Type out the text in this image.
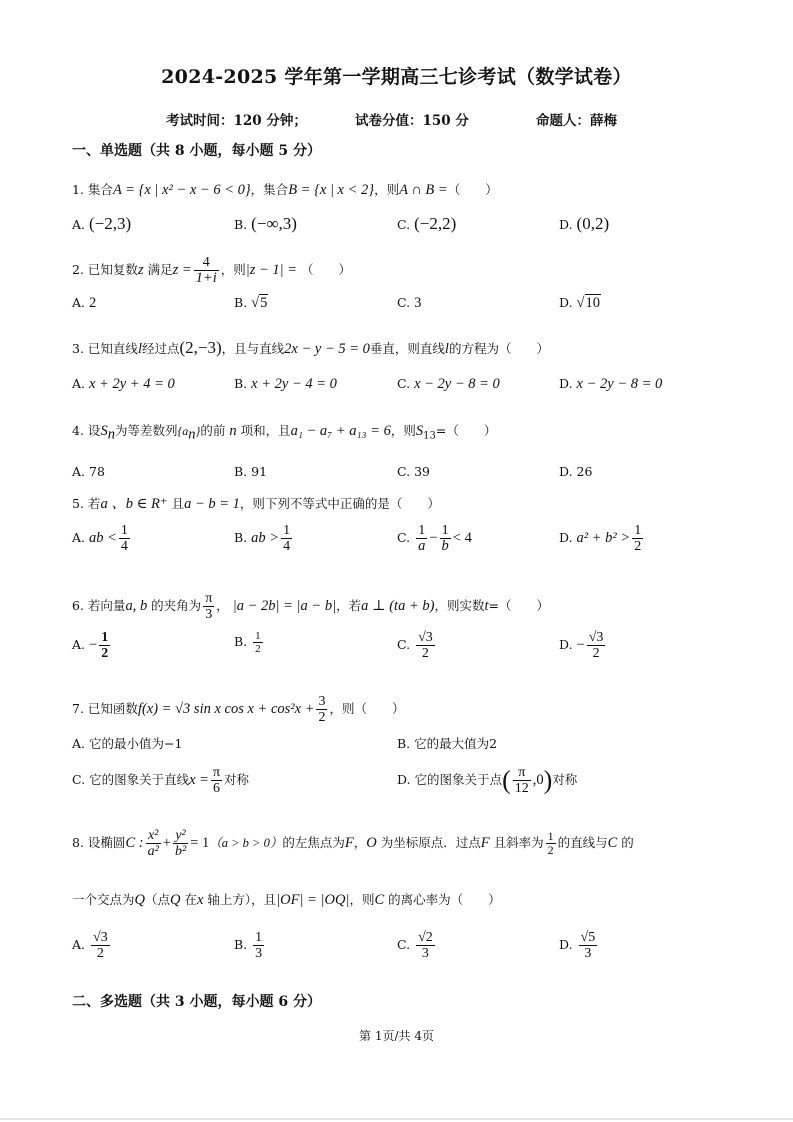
2024-2025 学年第一学期高三七诊考试（数学试卷）
考试时间：120 分钟；	试卷分值：150 分	命题人：薛梅
一、单选题（共 8 小题，每小题 5 分）
1. 集合A = {x | x² − x − 6 < 0}，集合B = {x | x < 2}，则A ∩ B =（　　）
A. (−2,3)	B. (−∞,3)	C. (−2,2)	D. (0,2)
2. 已知复数z 满足$z = \frac{4}{1+i}$ ，则|z − 1| = （　　）
A. 2	B. √5	C. 3	D. √10
3. 已知直线l经过点(2,−3)，且与直线2x − y − 5 = 0垂直，则直线l的方程为（　　）
A. x + 2y + 4 = 0	B. x + 2y − 4 = 0	C. x − 2y − 8 = 0	D. x − 2y − 8 = 0
4. 设$S_n$为等差数列$\{a_n\}$的前 n 项和，且a₁ − a₇ + a₁₃ = 6，则$S_{13}=$（　　）
A. 78	B. 91	C. 39	D. 26
5. 若a 、b ∈ R⁺ 且a − b = 1，则下列不等式中正确的是（　　）
A. ab < $\frac{1}{4}$	B. ab > $\frac{1}{4}$	C. $\frac{1}{a} - \frac{1}{b} < 4$	D. $a^2 + b^2 > \frac{1}{2}$
6. 若向量a, b 的夹角为 $\frac{\pi}{3}$ ， |a − 2b| = |a − b|，若a ⊥ (ta + b)，则实数t=（　　）
A. − $\frac{1}{2}$	B. $\frac{1}{2}$	C. $\frac{√3}{2}$	D. − $\frac{√3}{2}$
7. 已知函数f(x) = √3 sin x $\cos x + \cos^2x + \frac{3}{2}$ ，则（　　）
A. 它的最小值为−1	B. 它的最大值为2
C. 它的图象关于直线$x = \frac{\pi}{6}$ 对称	D. 它的图象关于点( $\frac{\pi}{12} ,0$)对称
8. 设椭圆C : $\frac{\text{x²}}{\text{a²}} + \frac{\text{y²}}{\text{b²}} = 1(a > b > 0)$的左焦点为F，O 为坐标原点．过点F 且斜率为 $\frac{1}{2}$ 的直线与C 的
一个交点为Q（点Q 在x 轴上方），且|OF| = |OQ|，则C 的离心率为（　　）
A. $\frac{√3}{2}$	B. $\frac{1}{3}$	C. $\frac{√2}{3}$	D. $\frac{√5}{3}$
二、多选题（共 3 小题，每小题 6 分）
第 1页/共 4页
